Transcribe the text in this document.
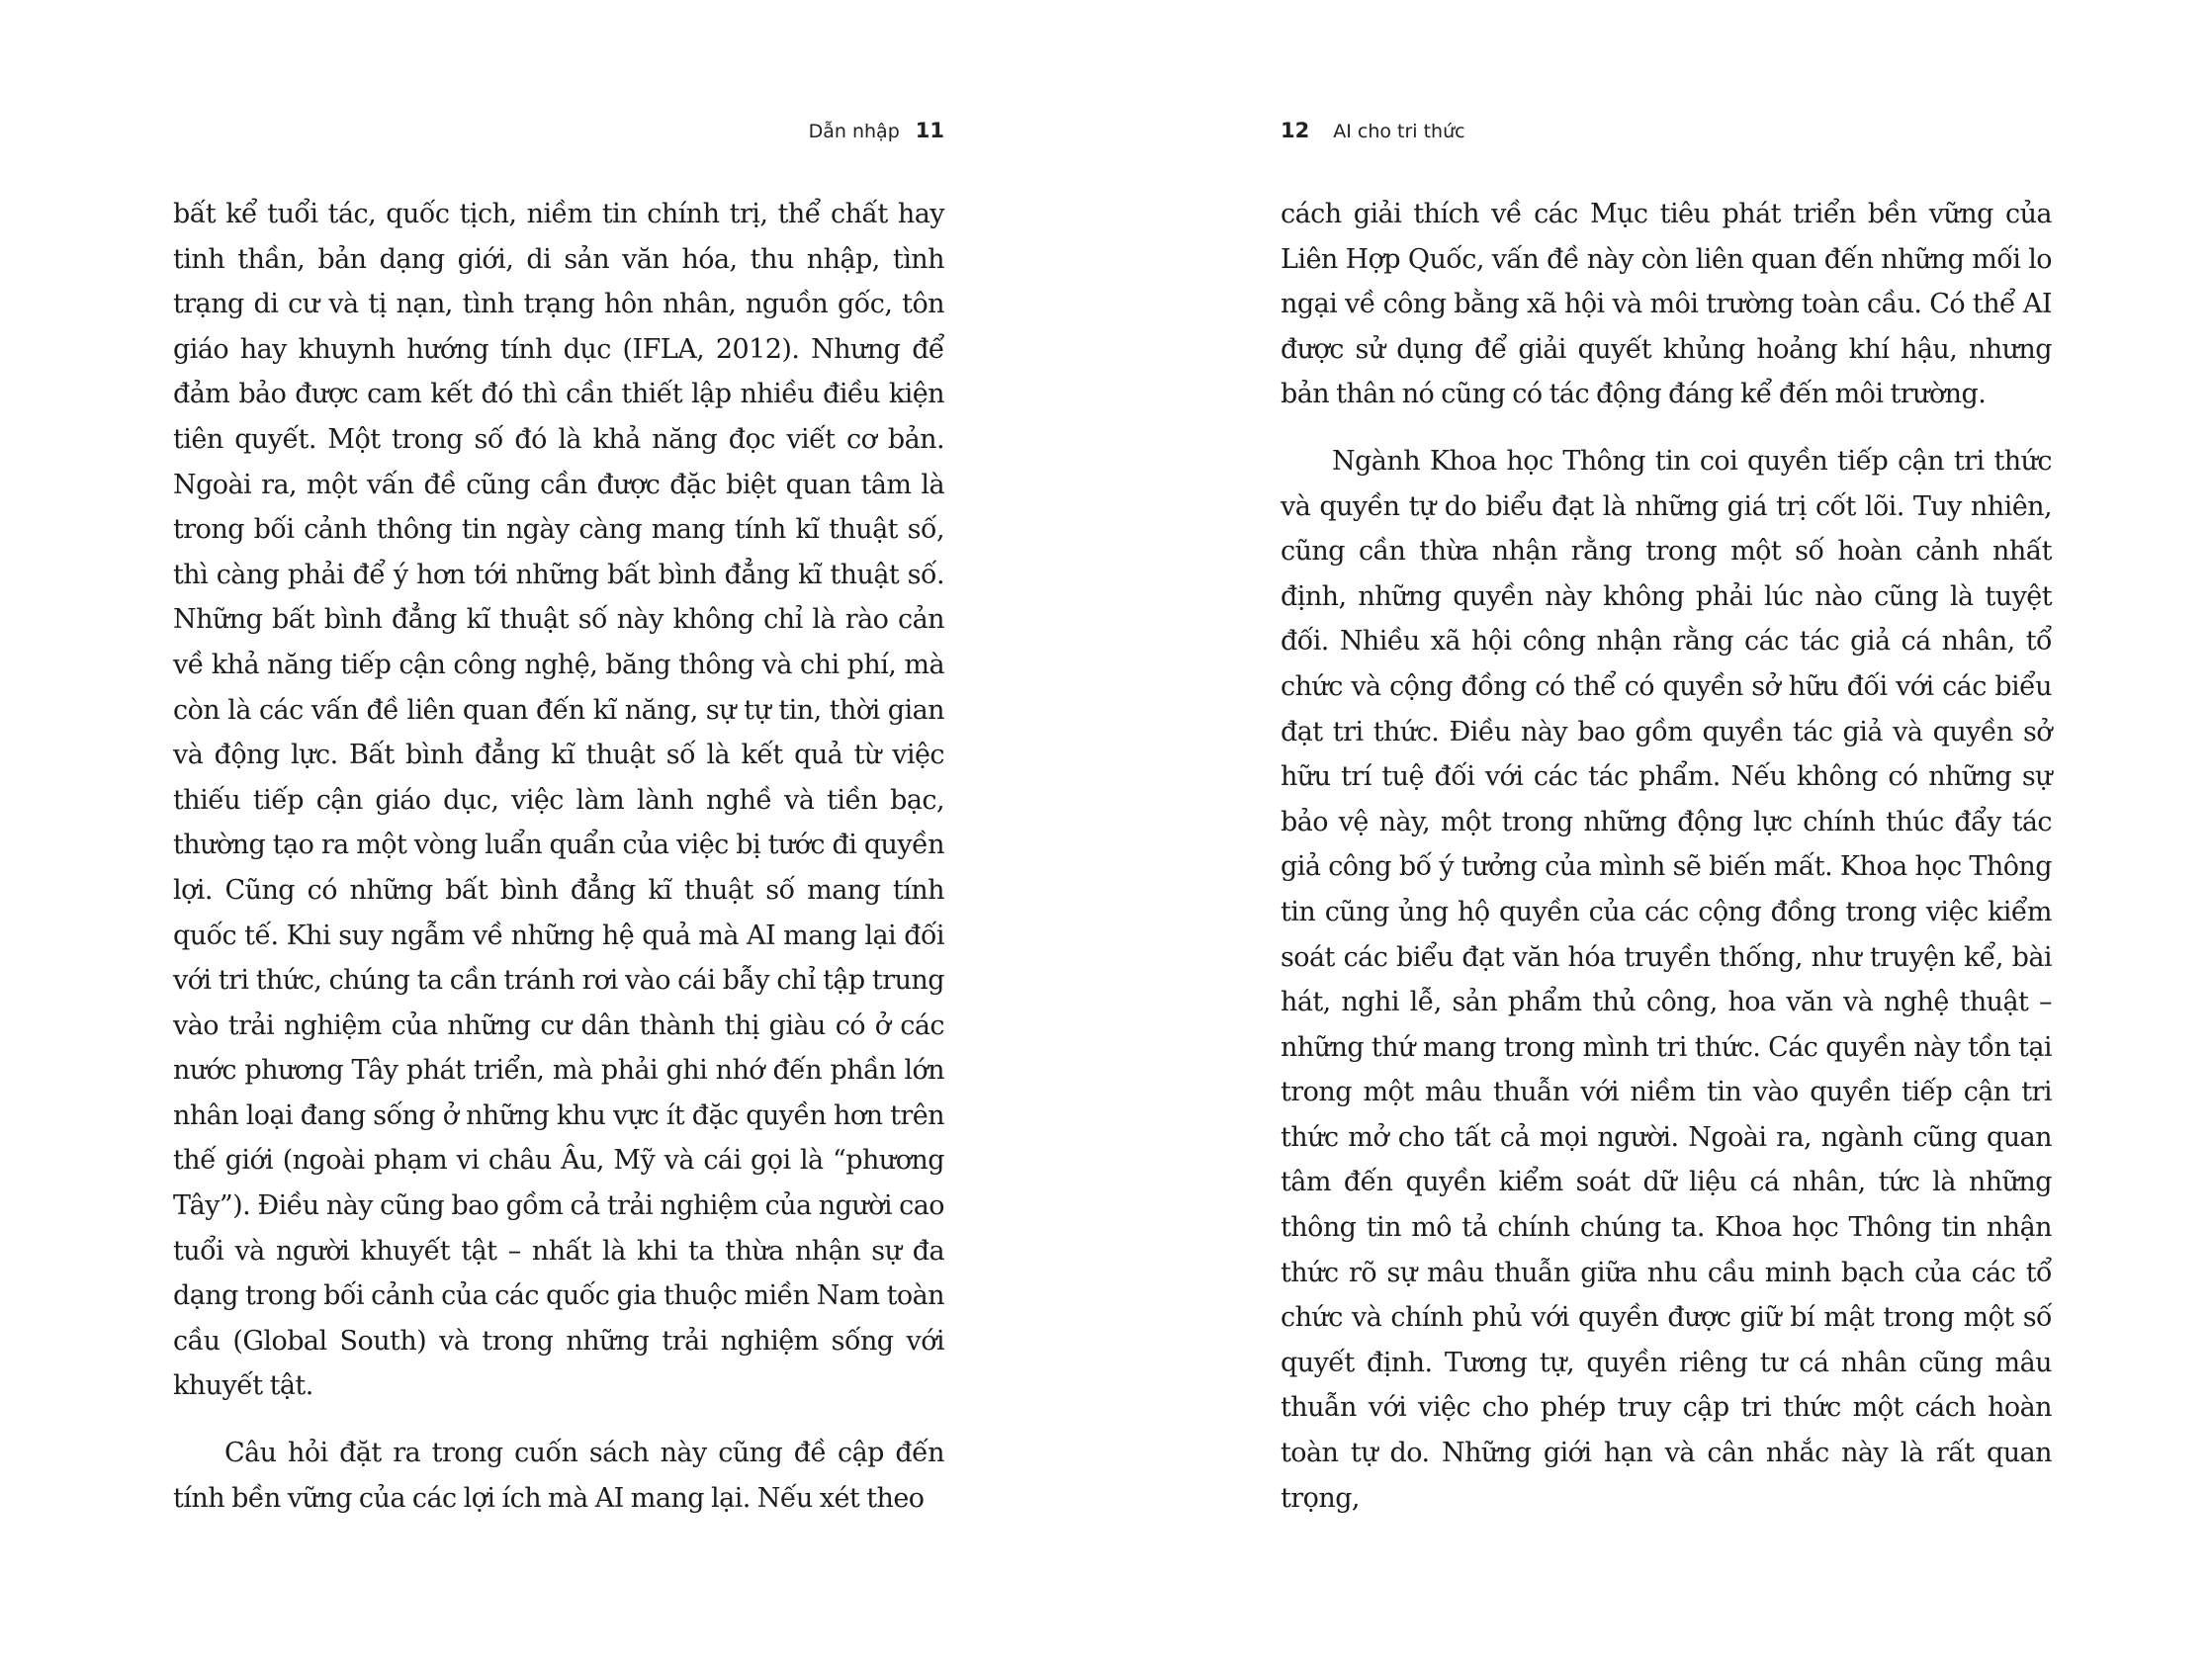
Dẫn nhập 11

bất kể tuổi tác, quốc tịch, niềm tin chính trị, thể chất hay tinh thần, bản dạng giới, di sản văn hóa, thu nhập, tình trạng di cư và tị nạn, tình trạng hôn nhân, nguồn gốc, tôn giáo hay khuynh hướng tính dục (IFLA, 2012). Nhưng để đảm bảo được cam kết đó thì cần thiết lập nhiều điều kiện tiên quyết. Một trong số đó là khả năng đọc viết cơ bản. Ngoài ra, một vấn đề cũng cần được đặc biệt quan tâm là trong bối cảnh thông tin ngày càng mang tính kĩ thuật số, thì càng phải để ý hơn tới những bất bình đẳng kĩ thuật số. Những bất bình đẳng kĩ thuật số này không chỉ là rào cản về khả năng tiếp cận công nghệ, băng thông và chi phí, mà còn là các vấn đề liên quan đến kĩ năng, sự tự tin, thời gian và động lực. Bất bình đẳng kĩ thuật số là kết quả từ việc thiếu tiếp cận giáo dục, việc làm lành nghề và tiền bạc, thường tạo ra một vòng luẩn quẩn của việc bị tước đi quyền lợi. Cũng có những bất bình đẳng kĩ thuật số mang tính quốc tế. Khi suy ngẫm về những hệ quả mà AI mang lại đối với tri thức, chúng ta cần tránh rơi vào cái bẫy chỉ tập trung vào trải nghiệm của những cư dân thành thị giàu có ở các nước phương Tây phát triển, mà phải ghi nhớ đến phần lớn nhân loại đang sống ở những khu vực ít đặc quyền hơn trên thế giới (ngoài phạm vi châu Âu, Mỹ và cái gọi là “phương Tây”). Điều này cũng bao gồm cả trải nghiệm của người cao tuổi và người khuyết tật – nhất là khi ta thừa nhận sự đa dạng trong bối cảnh của các quốc gia thuộc miền Nam toàn cầu (Global South) và trong những trải nghiệm sống với khuyết tật.

Câu hỏi đặt ra trong cuốn sách này cũng đề cập đến tính bền vững của các lợi ích mà AI mang lại. Nếu xét theo

12 AI cho tri thức

cách giải thích về các Mục tiêu phát triển bền vững của Liên Hợp Quốc, vấn đề này còn liên quan đến những mối lo ngại về công bằng xã hội và môi trường toàn cầu. Có thể AI được sử dụng để giải quyết khủng hoảng khí hậu, nhưng bản thân nó cũng có tác động đáng kể đến môi trường.

Ngành Khoa học Thông tin coi quyền tiếp cận tri thức và quyền tự do biểu đạt là những giá trị cốt lõi. Tuy nhiên, cũng cần thừa nhận rằng trong một số hoàn cảnh nhất định, những quyền này không phải lúc nào cũng là tuyệt đối. Nhiều xã hội công nhận rằng các tác giả cá nhân, tổ chức và cộng đồng có thể có quyền sở hữu đối với các biểu đạt tri thức. Điều này bao gồm quyền tác giả và quyền sở hữu trí tuệ đối với các tác phẩm. Nếu không có những sự bảo vệ này, một trong những động lực chính thúc đẩy tác giả công bố ý tưởng của mình sẽ biến mất. Khoa học Thông tin cũng ủng hộ quyền của các cộng đồng trong việc kiểm soát các biểu đạt văn hóa truyền thống, như truyện kể, bài hát, nghi lễ, sản phẩm thủ công, hoa văn và nghệ thuật – những thứ mang trong mình tri thức. Các quyền này tồn tại trong một mâu thuẫn với niềm tin vào quyền tiếp cận tri thức mở cho tất cả mọi người. Ngoài ra, ngành cũng quan tâm đến quyền kiểm soát dữ liệu cá nhân, tức là những thông tin mô tả chính chúng ta. Khoa học Thông tin nhận thức rõ sự mâu thuẫn giữa nhu cầu minh bạch của các tổ chức và chính phủ với quyền được giữ bí mật trong một số quyết định. Tương tự, quyền riêng tư cá nhân cũng mâu thuẫn với việc cho phép truy cập tri thức một cách hoàn toàn tự do. Những giới hạn và cân nhắc này là rất quan trọng,
